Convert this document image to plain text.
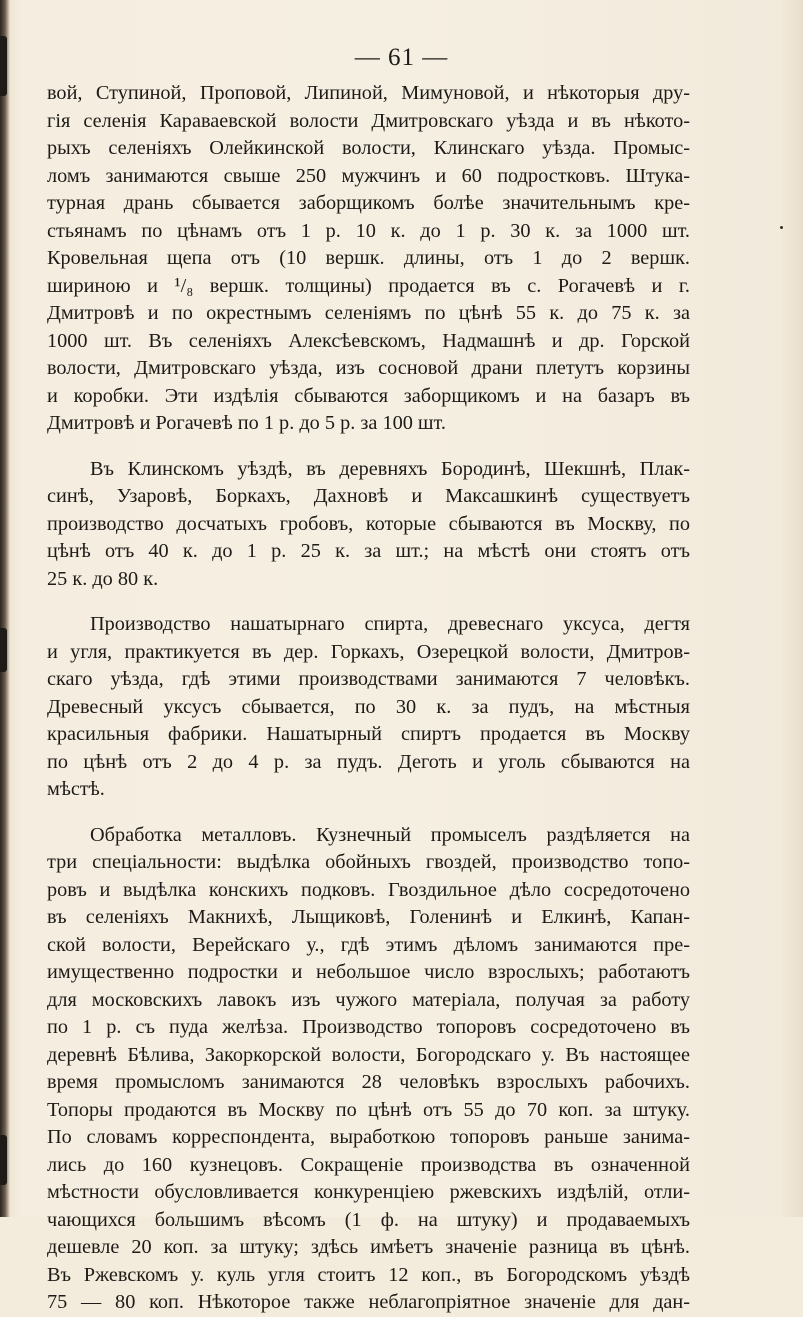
— 61 —
вой, Ступиной, Проповой, Липиной, Мимуновой, и нѣкоторыя дру-
гія селенія Караваевской волости Дмитровскаго уѣзда и въ нѣкото-
рыхъ селеніяхъ Олейкинской волости, Клинскаго уѣзда. Промыс-
ломъ занимаются свыше 250 мужчинъ и 60 подростковъ. Штука-
турная дрань сбывается заборщикомъ болѣе значительнымъ кре-
стьянамъ по цѣнамъ отъ 1 р. 10 к. до 1 р. 30 к. за 1000 шт.
Кровельная щепа отъ (10 вершк. длины, отъ 1 до 2 вершк.
шириною и ¹/₈ вершк. толщины) продается въ с. Рогачевѣ и г.
Дмитровѣ и по окрестнымъ селеніямъ по цѣнѣ 55 к. до 75 к. за
1000 шт. Въ селеніяхъ Алексѣевскомъ, Надмашнѣ и др. Горской
волости, Дмитровскаго уѣзда, изъ сосновой драни плетутъ корзины
и коробки. Эти издѣлія сбываются заборщикомъ и на базаръ въ
Дмитровѣ и Рогачевѣ по 1 р. до 5 р. за 100 шт.
Въ Клинскомъ уѣздѣ, въ деревняхъ Бородинѣ, Шекшнѣ, Плак-
синѣ, Узаровѣ, Боркахъ, Дахновѣ и Максашкинѣ существуетъ
производство досчатыхъ гробовъ, которые сбываются въ Москву, по
цѣнѣ отъ 40 к. до 1 р. 25 к. за шт.; на мѣстѣ они стоятъ отъ
25 к. до 80 к.
Производство нашатырнаго спирта, древеснаго уксуса, дегтя
и угля, практикуется въ дер. Горкахъ, Озерецкой волости, Дмитров-
скаго уѣзда, гдѣ этими производствами занимаются 7 человѣкъ.
Древесный уксусъ сбывается, по 30 к. за пудъ, на мѣстныя
красильныя фабрики. Нашатырный спиртъ продается въ Москву
по цѣнѣ отъ 2 до 4 р. за пудъ. Деготь и уголь сбываются на
мѣстѣ.
Обработка металловъ. Кузнечный промыселъ раздѣляется на
три спеціальности: выдѣлка обойныхъ гвоздей, производство топо-
ровъ и выдѣлка конскихъ подковъ. Гвоздильное дѣло сосредоточено
въ селеніяхъ Макнихѣ, Лыщиковѣ, Голенинѣ и Елкинѣ, Капан-
ской волости, Верейскаго у., гдѣ этимъ дѣломъ занимаются пре-
имущественно подростки и небольшое число взрослыхъ; работаютъ
для московскихъ лавокъ изъ чужого матеріала, получая за работу
по 1 р. съ пуда желѣза. Производство топоровъ сосредоточено въ
деревнѣ Бѣлива, Закоркорской волости, Богородскаго у. Въ настоящее
время промысломъ занимаются 28 человѣкъ взрослыхъ рабочихъ.
Топоры продаются въ Москву по цѣнѣ отъ 55 до 70 коп. за штуку.
По словамъ корреспондента, выработкою топоровъ раньше занима-
лись до 160 кузнецовъ. Сокращеніе производства въ означенной
мѣстности обусловливается конкуренціею ржевскихъ издѣлій, отли-
чающихся большимъ вѣсомъ (1 ф. на штуку) и продаваемыхъ
дешевле 20 коп. за штуку; здѣсь имѣетъ значеніе разница въ цѣнѣ.
Въ Ржевскомъ у. куль угля стоитъ 12 коп., въ Богородскомъ уѣздѣ
75 — 80 коп. Нѣкоторое также неблагопріятное значеніе для дан-
